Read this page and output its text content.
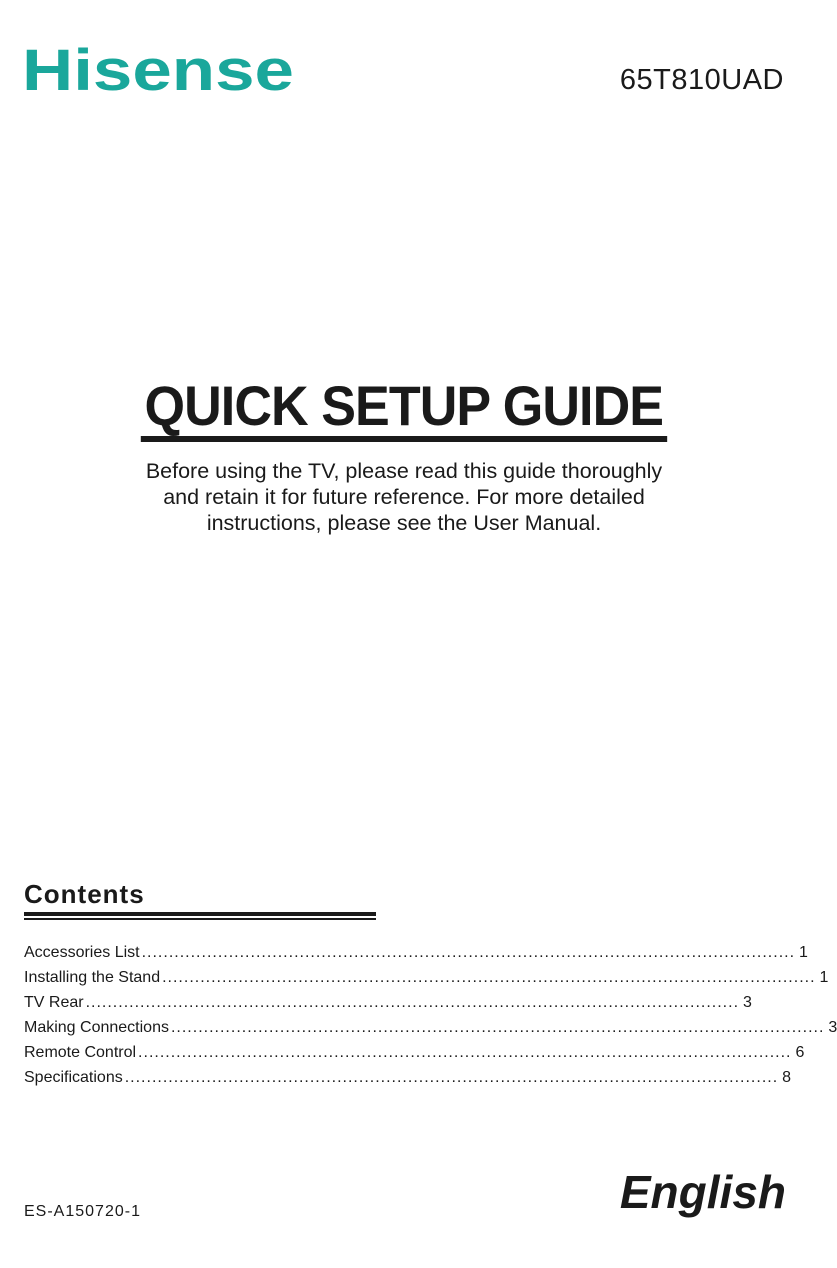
Hisense	65T810UAD
QUICK SETUP GUIDE
Before using the TV, please read this guide thoroughly
and retain it for future reference. For more detailed
instructions, please see the User Manual.
Contents
Accessories List ........................................................................................................................ 1
Installing the Stand ........................................................................................................................ 1
TV Rear ........................................................................................................................ 3
Making Connections ........................................................................................................................ 3
Remote Control ........................................................................................................................ 6
Specifications ........................................................................................................................ 8
ES-A150720-1	English
